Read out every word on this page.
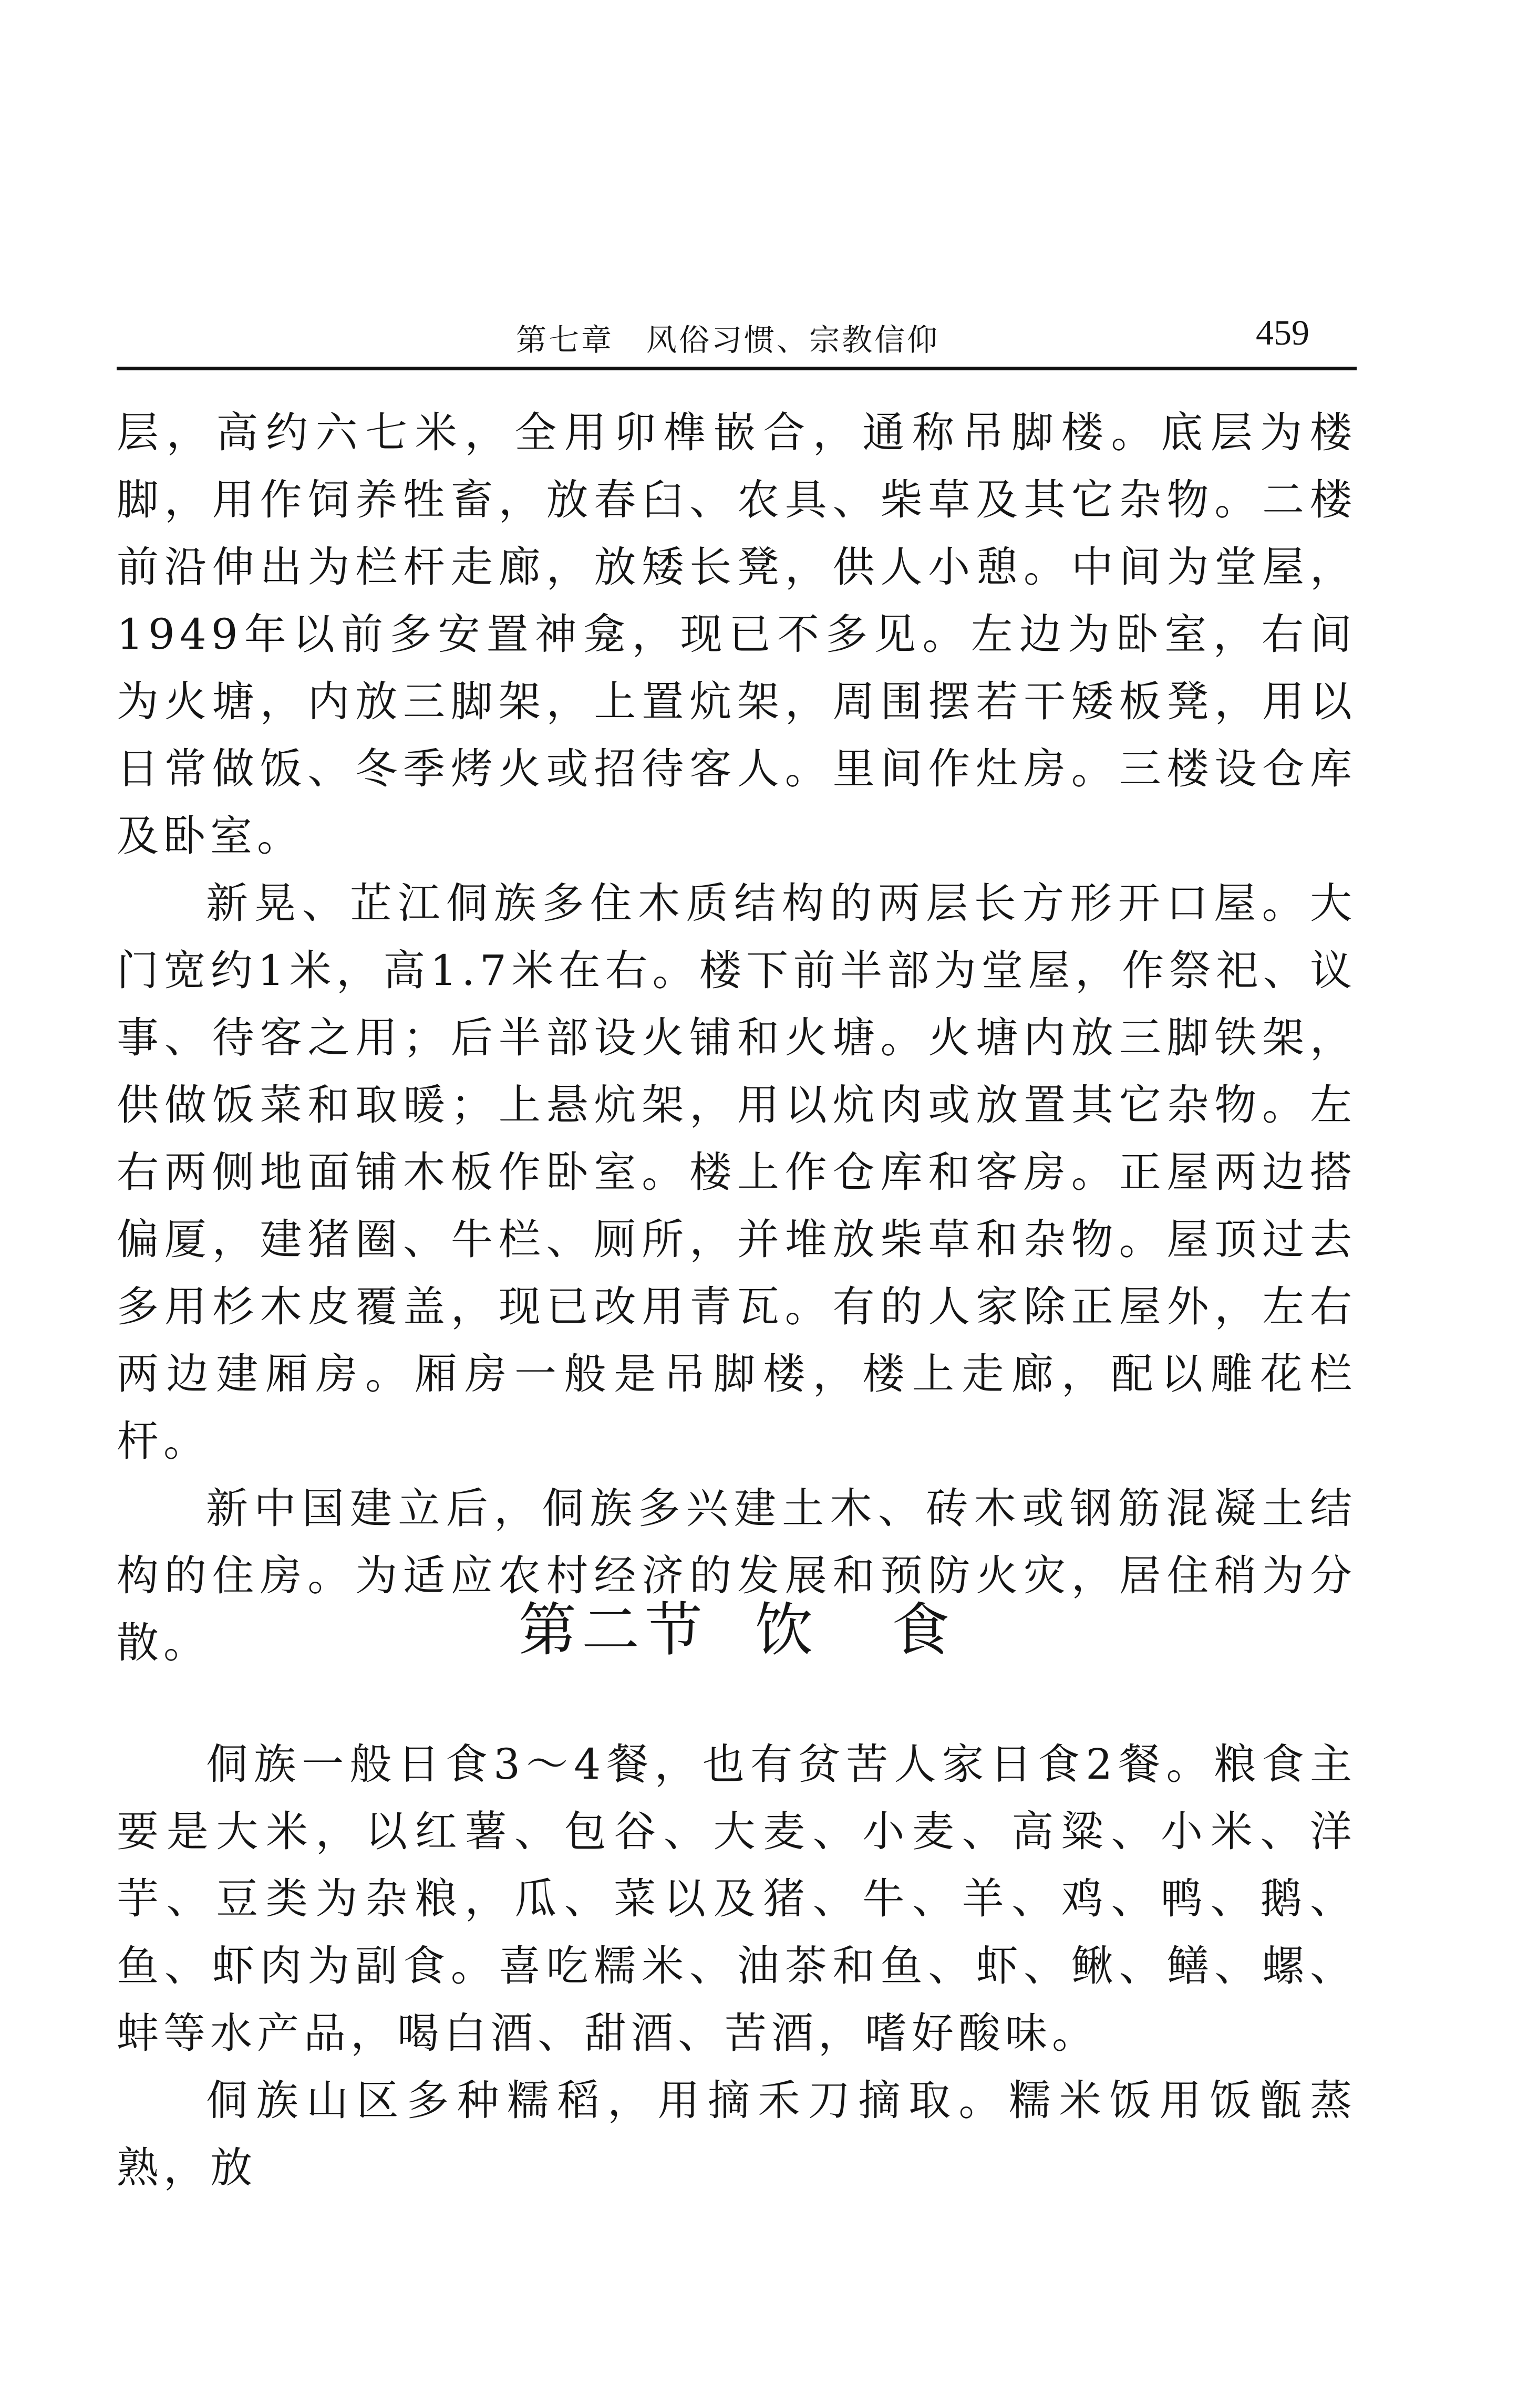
第七章　风俗习惯、宗教信仰	459

层，高约六七米，全用卯榫嵌合，通称吊脚楼。底层为楼脚，用作饲养牲畜，放春臼、农具、柴草及其它杂物。二楼前沿伸出为栏杆走廊，放矮长凳，供人小憩。中间为堂屋，1949年以前多安置神龛，现已不多见。左边为卧室，右间为火塘，内放三脚架，上置炕架，周围摆若干矮板凳，用以日常做饭、冬季烤火或招待客人。里间作灶房。三楼设仓库及卧室。

新晃、芷江侗族多住木质结构的两层长方形开口屋。大门宽约1米，高1.7米在右。楼下前半部为堂屋，作祭祀、议事、待客之用；后半部设火铺和火塘。火塘内放三脚铁架，供做饭菜和取暖；上悬炕架，用以炕肉或放置其它杂物。左右两侧地面铺木板作卧室。楼上作仓库和客房。正屋两边搭偏厦，建猪圈、牛栏、厕所，并堆放柴草和杂物。屋顶过去多用杉木皮覆盖，现已改用青瓦。有的人家除正屋外，左右两边建厢房。厢房一般是吊脚楼，楼上走廊，配以雕花栏杆。

新中国建立后，侗族多兴建土木、砖木或钢筋混凝土结构的住房。为适应农村经济的发展和预防火灾，居住稍为分散。	第二节 饮 食

侗族一般日食3～4餐，也有贫苦人家日食2餐。粮食主要是大米，以红薯、包谷、大麦、小麦、高粱、小米、洋芋、豆类为杂粮，瓜、菜以及猪、牛、羊、鸡、鸭、鹅、鱼、虾肉为副食。喜吃糯米、油茶和鱼、虾、鳅、鳝、螺、蚌等水产品，喝白酒、甜酒、苦酒，嗜好酸味。

侗族山区多种糯稻，用摘禾刀摘取。糯米饭用饭甑蒸熟，放
